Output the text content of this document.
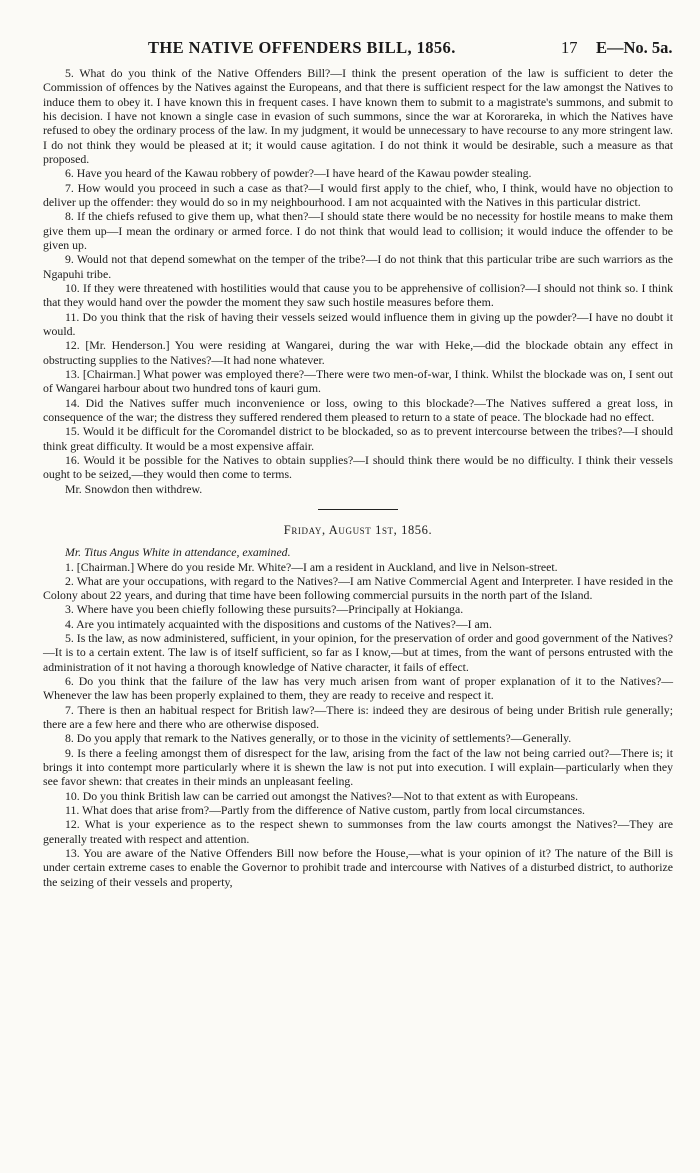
THE NATIVE OFFENDERS BILL, 1856.	17 E—No. 5a.

5. What do you think of the Native Offenders Bill?—I think the present operation of the law is sufficient to deter the Commission of offences by the Natives against the Europeans, and that there is sufficient respect for the law amongst the Natives to induce them to obey it. I have known this in frequent cases. I have known them to submit to a magistrate's summons, and submit to his decision. I have not known a single case in evasion of such summons, since the war at Kororareka, in which the Natives have refused to obey the ordinary process of the law. In my judgment, it would be unnecessary to have recourse to any more stringent law. I do not think they would be pleased at it; it would cause agitation. I do not think it would be desirable, such a measure as that proposed.

6. Have you heard of the Kawau robbery of powder?—I have heard of the Kawau powder stealing.

7. How would you proceed in such a case as that?—I would first apply to the chief, who, I think, would have no objection to deliver up the offender: they would do so in my neighbourhood. I am not acquainted with the Natives in this particular district.

8. If the chiefs refused to give them up, what then?—I should state there would be no necessity for hostile means to make them give them up—I mean the ordinary or armed force. I do not think that would lead to collision; it would induce the offender to be given up.

9. Would not that depend somewhat on the temper of the tribe?—I do not think that this particular tribe are such warriors as the Ngapuhi tribe.

10. If they were threatened with hostilities would that cause you to be apprehensive of collision?—I should not think so. I think that they would hand over the powder the moment they saw such hostile measures before them.

11. Do you think that the risk of having their vessels seized would influence them in giving up the powder?—I have no doubt it would.

12. [Mr. Henderson.] You were residing at Wangarei, during the war with Heke,—did the blockade obtain any effect in obstructing supplies to the Natives?—It had none whatever.

13. [Chairman.] What power was employed there?—There were two men-of-war, I think. Whilst the blockade was on, I sent out of Wangarei harbour about two hundred tons of kauri gum.

14. Did the Natives suffer much inconvenience or loss, owing to this blockade?—The Natives suffered a great loss, in consequence of the war; the distress they suffered rendered them pleased to return to a state of peace. The blockade had no effect.

15. Would it be difficult for the Coromandel district to be blockaded, so as to prevent intercourse between the tribes?—I should think great difficulty. It would be a most expensive affair.

16. Would it be possible for the Natives to obtain supplies?—I should think there would be no difficulty. I think their vessels ought to be seized,—they would then come to terms.

Mr. Snowdon then withdrew.

Friday, August 1st, 1856.

Mr. Titus Angus White in attendance, examined.

1. [Chairman.] Where do you reside Mr. White?—I am a resident in Auckland, and live in Nelson-street.

2. What are your occupations, with regard to the Natives?—I am Native Commercial Agent and Interpreter. I have resided in the Colony about 22 years, and during that time have been following commercial pursuits in the north part of the Island.

3. Where have you been chiefly following these pursuits?—Principally at Hokianga.

4. Are you intimately acquainted with the dispositions and customs of the Natives?—I am.

5. Is the law, as now administered, sufficient, in your opinion, for the preservation of order and good government of the Natives?—It is to a certain extent. The law is of itself sufficient, so far as I know,—but at times, from the want of persons entrusted with the administration of it not having a thorough knowledge of Native character, it fails of effect.

6. Do you think that the failure of the law has very much arisen from want of proper explanation of it to the Natives?—Whenever the law has been properly explained to them, they are ready to receive and respect it.

7. There is then an habitual respect for British law?—There is: indeed they are desirous of being under British rule generally; there are a few here and there who are otherwise disposed.

8. Do you apply that remark to the Natives generally, or to those in the vicinity of settlements?—Generally.

9. Is there a feeling amongst them of disrespect for the law, arising from the fact of the law not being carried out?—There is; it brings it into contempt more particularly where it is shewn the law is not put into execution. I will explain—particularly when they see favor shewn: that creates in their minds an unpleasant feeling.

10. Do you think British law can be carried out amongst the Natives?—Not to that extent as with Europeans.

11. What does that arise from?—Partly from the difference of Native custom, partly from local circumstances.

12. What is your experience as to the respect shewn to summonses from the law courts amongst the Natives?—They are generally treated with respect and attention.

13. You are aware of the Native Offenders Bill now before the House,—what is your opinion of it? The nature of the Bill is under certain extreme cases to enable the Governor to prohibit trade and intercourse with Natives of a disturbed district, to authorize the seizing of their vessels and property,
